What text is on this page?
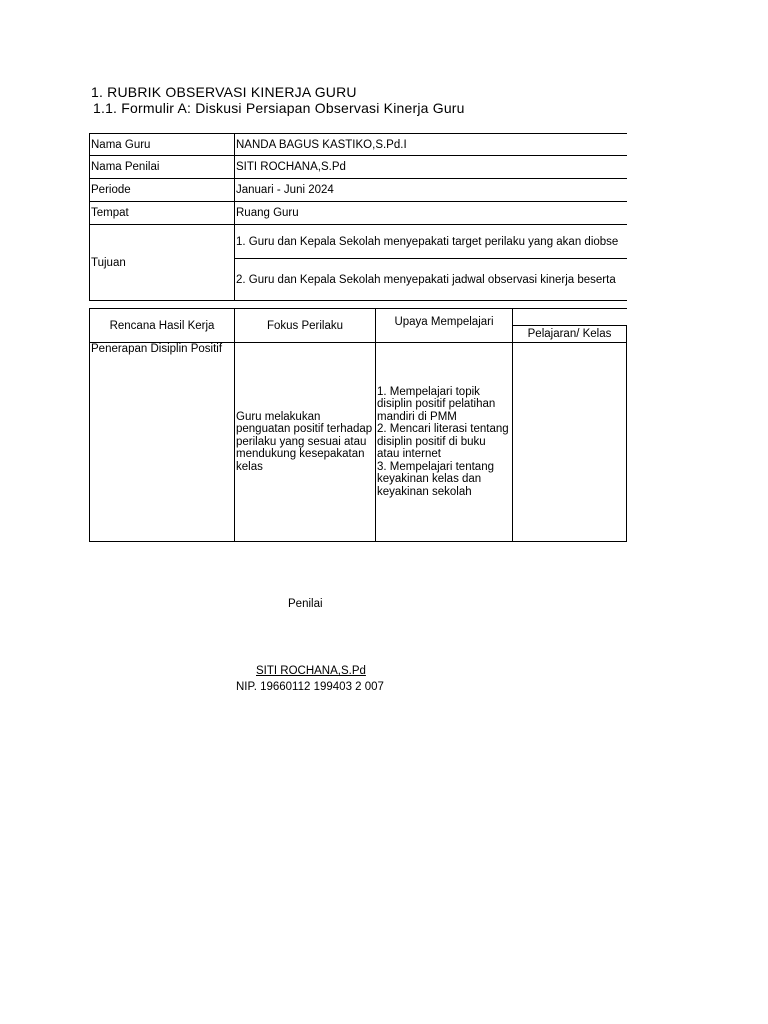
1. RUBRIK OBSERVASI KINERJA GURU
1.1. Formulir A: Diskusi Persiapan Observasi Kinerja Guru
Nama Guru	NANDA BAGUS KASTIKO,S.Pd.I
Nama Penilai	SITI ROCHANA,S.Pd
Periode	Januari - Juni 2024
Tempat	Ruang Guru
Tujuan	1. Guru dan Kepala Sekolah menyepakati target perilaku yang akan diobse
	2. Guru dan Kepala Sekolah menyepakati jadwal observasi kinerja beserta
Rencana Hasil Kerja	Fokus Perilaku	Upaya Mempelajari		
			Pelajaran/ Kelas	
Penerapan Disiplin Positif	Guru melakukan penguatan positif terhadap perilaku yang sesuai atau mendukung kesepakatan kelas	1. Mempelajari topik disiplin positif pelatihan mandiri di PMM
2. Mencari literasi tentang disiplin positif di buku atau internet
3. Mempelajari tentang keyakinan kelas dan keyakinan sekolah		

Penilai
SITI ROCHANA,S.Pd
NIP. 19660112 199403 2 007
